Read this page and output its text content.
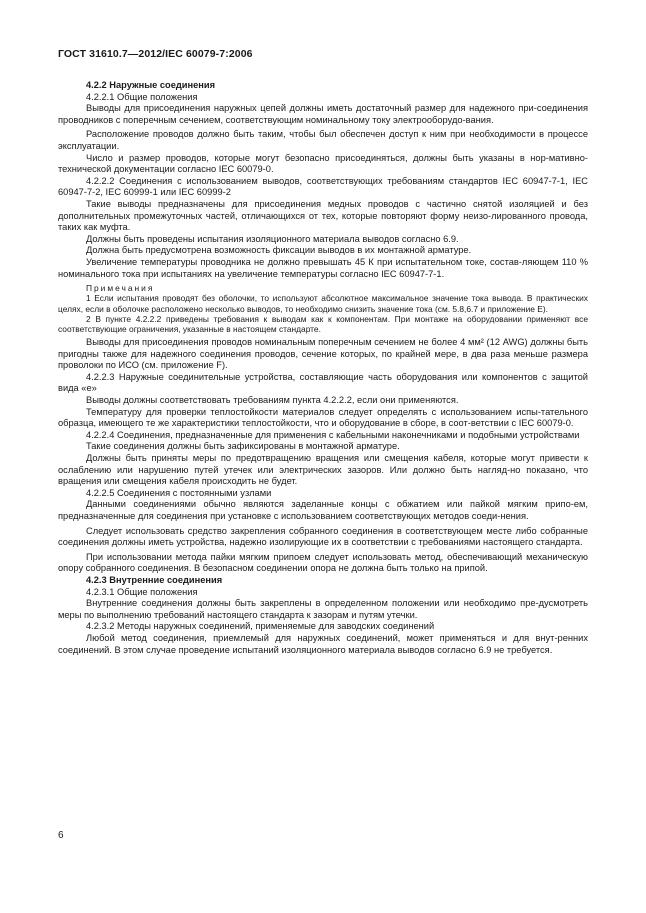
ГОСТ 31610.7—2012/IEC 60079-7:2006
4.2.2 Наружные соединения

4.2.2.1 Общие положения

Выводы для присоединения наружных цепей должны иметь достаточный размер для надежного при-соединения проводников с поперечным сечением, соответствующим номинальному току электрооборудо-вания.

Расположение проводов должно быть таким, чтобы был обеспечен доступ к ним при необходимости в процессе эксплуатации.

Число и размер проводов, которые могут безопасно присоединяться, должны быть указаны в нор-мативно-технической документации согласно IEC 60079-0.

4.2.2.2 Соединения с использованием выводов, соответствующих требованиям стандартов IEC 60947-7-1, IEC 60947-7-2, IEC 60999-1 или IEC 60999-2

Такие выводы предназначены для присоединения медных проводов с частично снятой изоляцией и без дополнительных промежуточных частей, отличающихся от тех, которые повторяют форму неизо-лированного провода, таких как муфта.

Должны быть проведены испытания изоляционного материала выводов согласно 6.9.

Должна быть предусмотрена возможность фиксации выводов в их монтажной арматуре.

Увеличение температуры проводника не должно превышать 45 К при испытательном токе, состав-ляющем 110 % номинального тока при испытаниях на увеличение температуры согласно IEC 60947-7-1.

Примечания

1 Если испытания проводят без оболочки, то используют абсолютное максимальное значение тока вывода. В практических целях, если в оболочке расположено несколько выводов, то необходимо снизить значение тока (см. 5.8,6.7 и приложение Е).

2 В пункте 4.2.2.2 приведены требования к выводам как к компонентам. При монтаже на оборудовании применяют все соответствующие ограничения, указанные в настоящем стандарте.

Выводы для присоединения проводов номинальным поперечным сечением не более 4 мм² (12 AWG) должны быть пригодны также для надежного соединения проводов, сечение которых, по крайней мере, в два раза меньше размера проволоки по ИСО (см. приложение F).

4.2.2.3 Наружные соединительные устройства, составляющие часть оборудования или компонентов с защитой вида «е»

Выводы должны соответствовать требованиям пункта 4.2.2.2, если они применяются.

Температуру для проверки теплостойкости материалов следует определять с использованием испы-тательного образца, имеющего те же характеристики теплостойкости, что и оборудование в сборе, в соот-ветствии с IEC 60079-0.

4.2.2.4 Соединения, предназначенные для применения с кабельными наконечниками и подобными устройствами

Такие соединения должны быть зафиксированы в монтажной арматуре.

Должны быть приняты меры по предотвращению вращения или смещения кабеля, которые могут привести к ослаблению или нарушению путей утечек или электрических зазоров. Или должно быть нагляд-но показано, что вращения или смещения кабеля происходить не будет.

4.2.2.5 Соединения с постоянными узлами

Данными соединениями обычно являются заделанные концы с обжатием или пайкой мягким припо-ем, предназначенные для соединения при установке с использованием соответствующих методов соеди-нения.

Следует использовать средство закрепления собранного соединения в соответствующем месте либо собранные соединения должны иметь устройства, надежно изолирующие их в соответствии с требованиями настоящего стандарта.

При использовании метода пайки мягким припоем следует использовать метод, обеспечивающий механическую опору собранного соединения. В безопасном соединении опора не должна быть только на припой.

4.2.3 Внутренние соединения

4.2.3.1 Общие положения

Внутренние соединения должны быть закреплены в определенном положении или необходимо пре-дусмотреть меры по выполнению требований настоящего стандарта к зазорам и путям утечки.

4.2.3.2 Методы наружных соединений, применяемые для заводских соединений

Любой метод соединения, приемлемый для наружных соединений, может применяться и для внут-ренних соединений. В этом случае проведение испытаний изоляционного материала выводов согласно 6.9 не требуется.

6
